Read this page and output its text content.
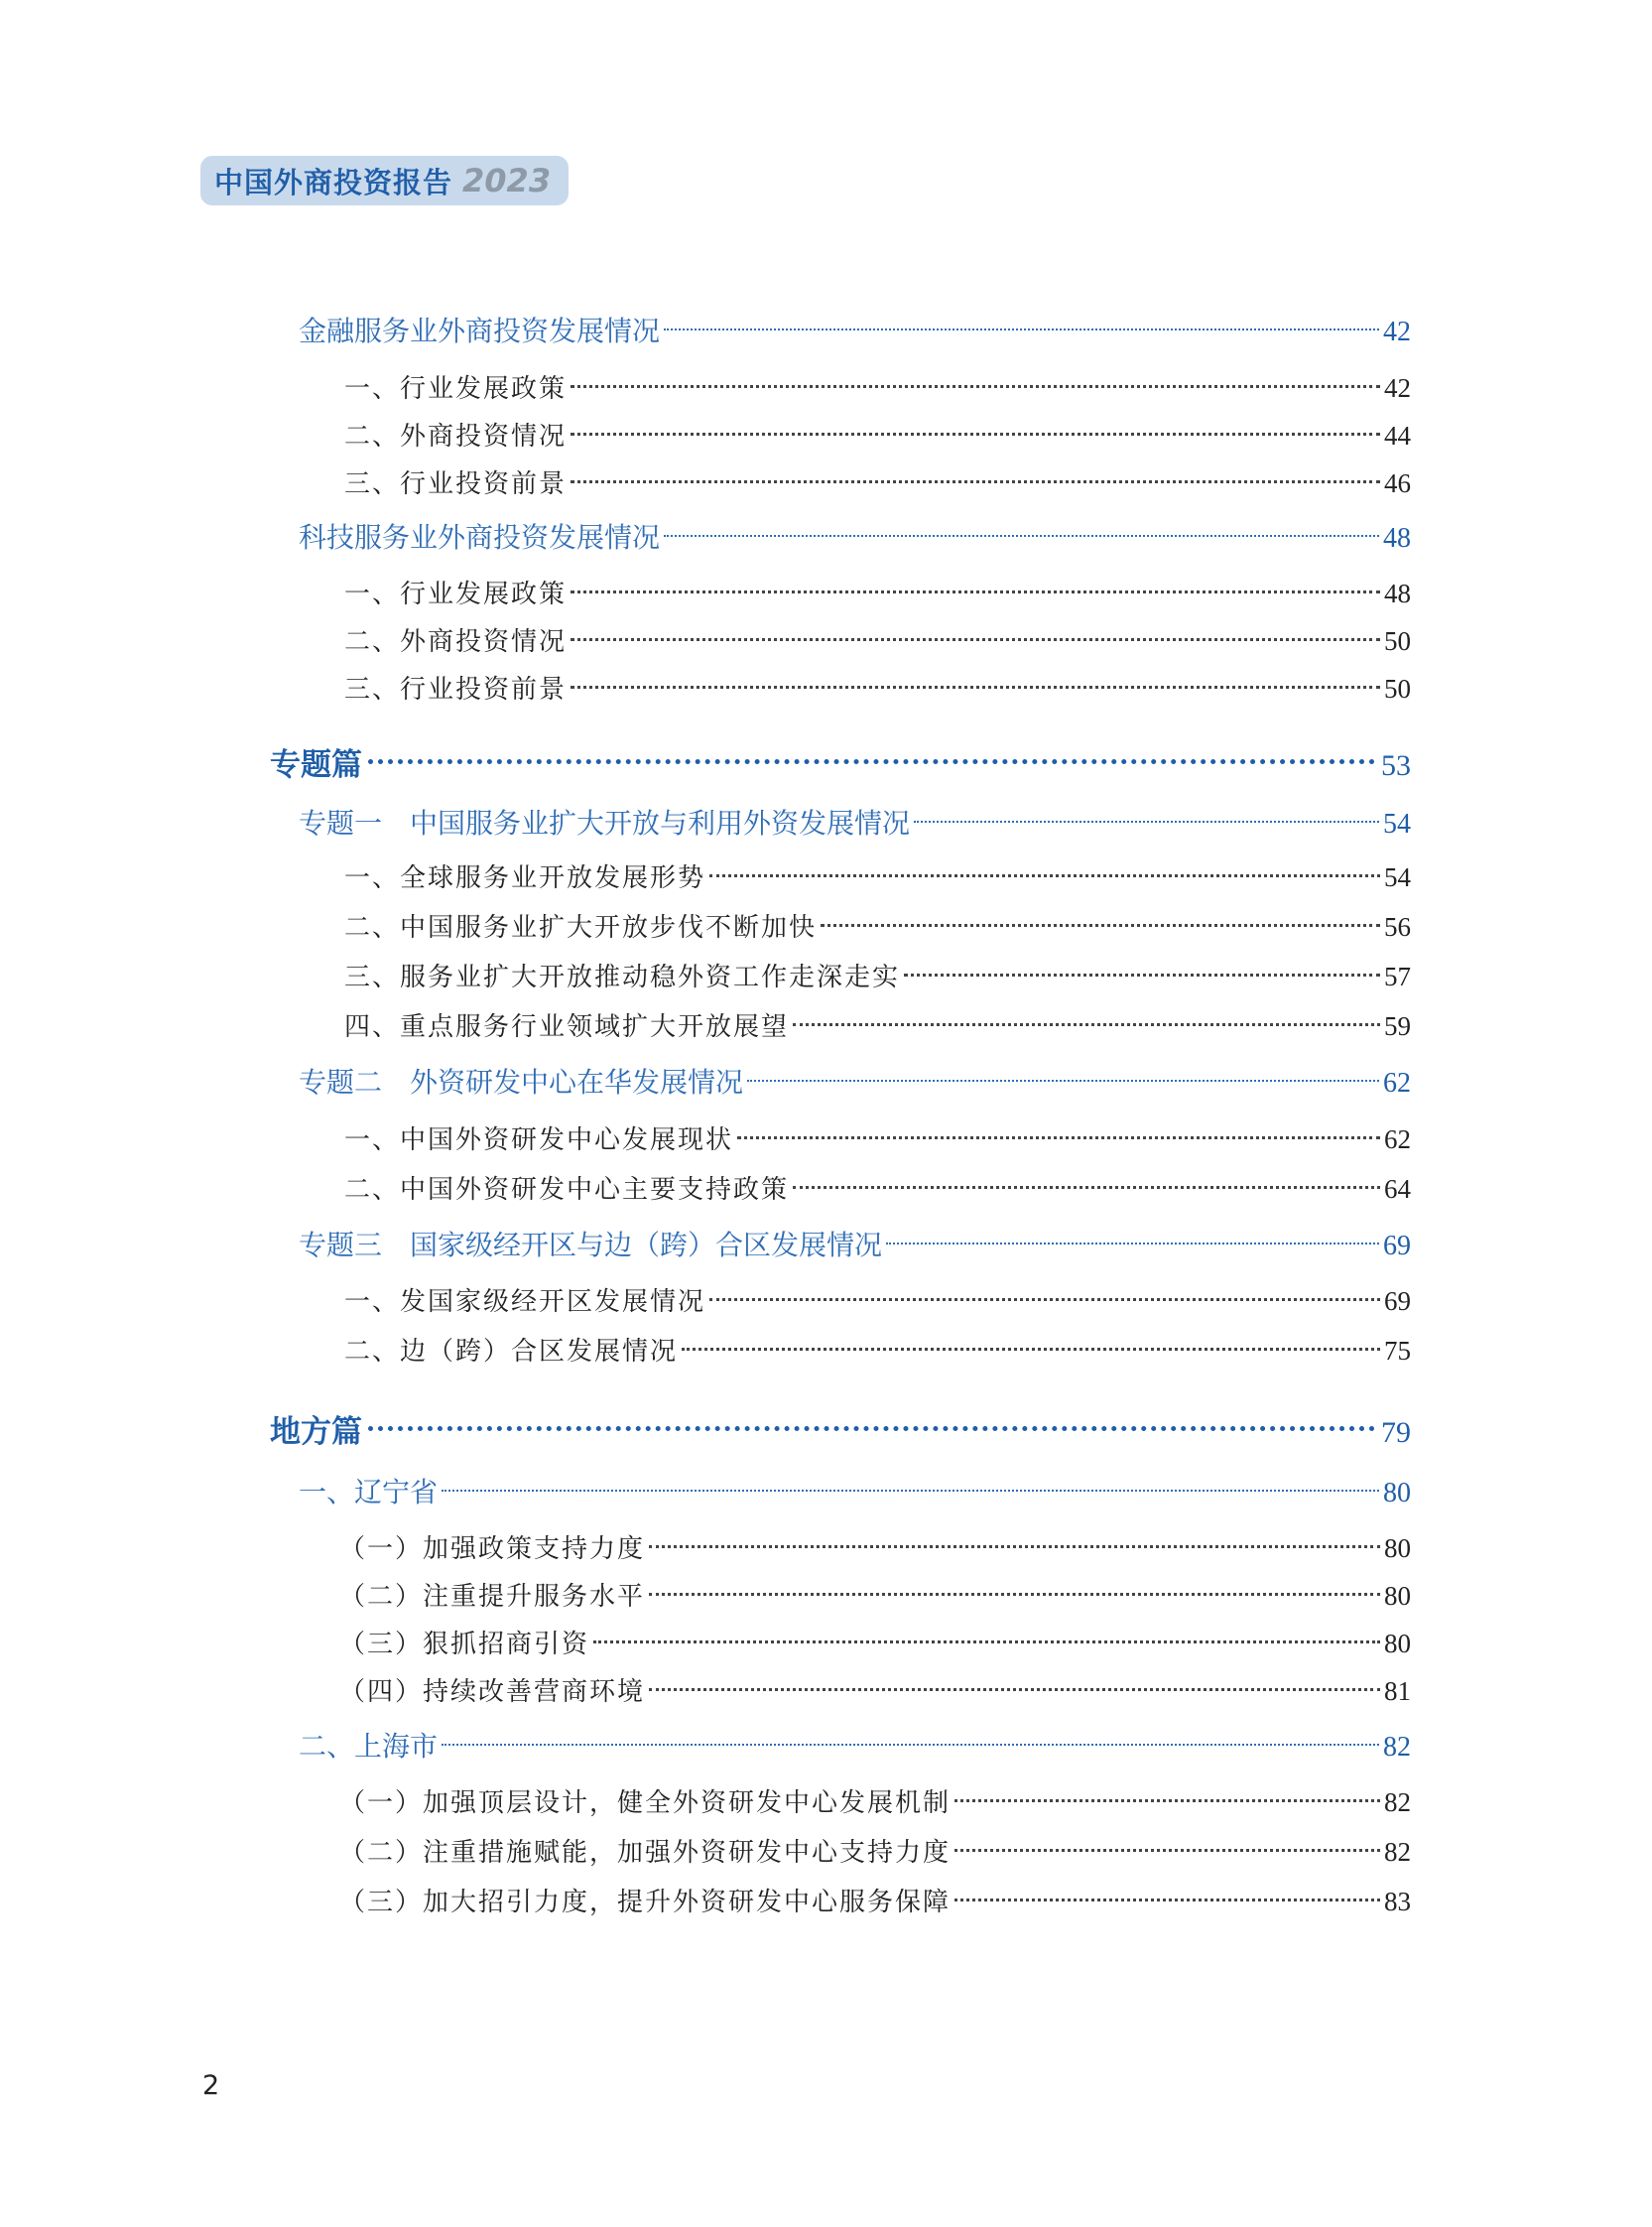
中国外商投资报告 2023
金融服务业外商投资发展情况	42
一、行业发展政策	42
二、外商投资情况	44
三、行业投资前景	46
科技服务业外商投资发展情况	48
一、行业发展政策	48
二、外商投资情况	50
三、行业投资前景	50
专题篇	53
专题一　中国服务业扩大开放与利用外资发展情况	54
一、全球服务业开放发展形势	54
二、中国服务业扩大开放步伐不断加快	56
三、服务业扩大开放推动稳外资工作走深走实	57
四、重点服务行业领域扩大开放展望	59
专题二　外资研发中心在华发展情况	62
一、中国外资研发中心发展现状	62
二、中国外资研发中心主要支持政策	64
专题三　国家级经开区与边（跨）合区发展情况	69
一、发国家级经开区发展情况	69
二、边（跨）合区发展情况	75
地方篇	79
一、辽宁省	80
（一）加强政策支持力度	80
（二）注重提升服务水平	80
（三）狠抓招商引资	80
（四）持续改善营商环境	81
二、上海市	82
（一）加强顶层设计，健全外资研发中心发展机制	82
（二）注重措施赋能，加强外资研发中心支持力度	82
（三）加大招引力度，提升外资研发中心服务保障	83
2
